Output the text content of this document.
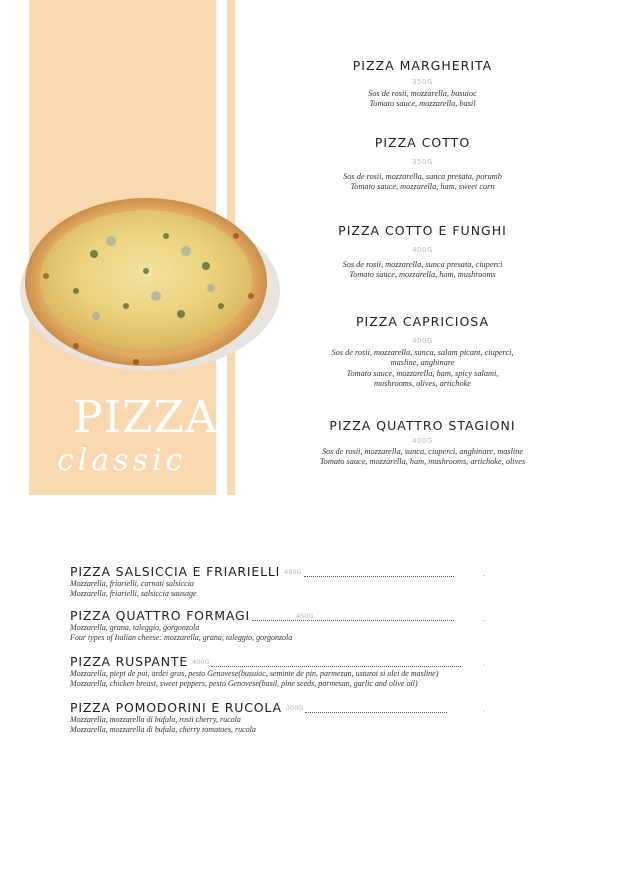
PIZZA
classic
PIZZA MARGHERITA
350G
Sos de rosii, mozzarella, busuioc
Tomato sauce, mozzarella, basil
PIZZA COTTO
350G
Sos de rosii, mozzarella, sunca presata, porumb
Tomato sauce, mozzarella, ham, sweet corn
PIZZA COTTO E FUNGHI
400G
Sos de rosii, mozzarella, sunca presata, ciuperci
Tomato sauce, mozzarella, ham, mushrooms
PIZZA CAPRICIOSA
400G
Sos de rosii, mozzarella, sunca, salam picant, ciuperci,
masline, anghinare
Tomato sauce, mozzarella, ham, spicy salami,
mushrooms, olives, artichoke
PIZZA QUATTRO STAGIONI
400G
Sos de rosii, mozzarella, sunca, ciuperci, anghinare, masline
Tomato sauce, mozzarella, ham, mushrooms, artichoke, olives
PIZZA SALSICCIA E FRIARIELLI 450G
Mozzarella, friarielli, carnati salsiccia
Mozzarella, friarielli, salsiccia sausage
PIZZA QUATTRO FORMAGI	450G
Mozzarella, grana, taleggio, gorgonzola
Four types of Italian cheese: mozzarella, grana, taleggio, gorgonzola
PIZZA RUSPANTE 400G
Mozzarella, piept de pui, ardei gras, pesto Genovese(busuioc, seminte de pin, parmezan, usturoi si ulei de masline)
Mozzarella, chicken breast, sweet peppers, pesto Genovese(basil, pine seeds, parmesan, garlic and olive oil)
PIZZA POMODORINI E RUCOLA 300G
Mozzarella, mozzarella di bufala, rosii cherry, rucola
Mozzarella, mozzarella di bufala, cherry tomatoes, rucola
